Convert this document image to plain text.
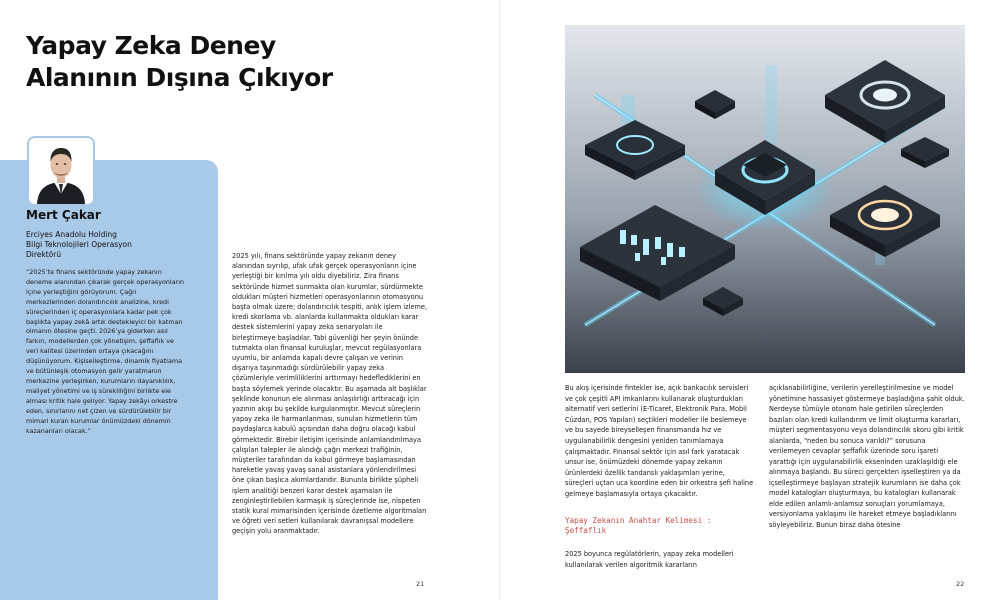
Yapay Zeka Deney
Alanının Dışına Çıkıyor

Mert Çakar

Erciyes Anadolu Holding
Bilgi Teknolojileri Operasyon
Direktörü

“2025’te finans sektöründe yapay zekanın deneme alanından çıkarak gerçek operasyonların içine yerleştiğini görüyorum. Çağrı merkezlerinden dolandırıcılık analizine, kredi süreçlerinden iç operasyonlara kadar pek çok başlıkta yapay zekâ artık destekleyici bir katman olmanın ötesine geçti. 2026’ya giderken asıl farkın, modellerden çok yönetişim, şeffaflık ve veri kalitesi üzerinden ortaya çıkacağını düşünüyorum. Kişiselleştirme, dinamik fiyatlama ve bütünleşik otomasyon gelir yaratmanın merkezine yerleşirken, kurumların dayanıklılık, maliyet yönetimi ve iş sürekliliğini birlikte ele alması kritik hale geliyor. Yapay zekâyı orkestre eden, sınırlarını net çizen ve sürdürülebilir bir mimari kuran kurumlar önümüzdeki dönemin kazananları olacak.”

2025 yılı, finans sektöründe yapay zekanın deney alanından sıyrılıp, ufak ufak gerçek operasyonların içine yerleştiği bir kırılma yılı oldu diyebiliriz. Zira finans sektöründe hizmet sunmakta olan kurumlar, sürdürmekte oldukları müşteri hizmetleri operasyonlarının otomasyonu başta olmak üzere; dolandırıcılık tespiti, anlık işlem izleme, kredi skorlama vb. alanlarda kullanmakta oldukları karar destek sistemlerini yapay zeka senaryoları ile birleştirmeye başladılar. Tabi güvenliği her şeyin önünde tutmakta olan finansal kuruluşlar, mevcut regülasyonlara uyumlu, bir anlamda kapalı devre çalışan ve verinin dışarıya taşınmadığı sürdürülebilir yapay zeka çözümleriyle verimliliklerini arttırmayı hedeflediklerini en başta söylemek yerinde olacaktır. Bu aşamada alt başlıklar şeklinde konunun ele alınması anlaşılırlığı arttıracağı için yazının akışı bu şekilde kurgulanmıştır. Mevcut süreçlerin yapay zeka ile harmanlanması, sunulan hizmetlerin tüm paydaşlarca kabulü açısından daha doğru olacağı kabul görmektedir. Birebir iletişim içerisinde anlamlandırılmaya çalışılan talepler ile alındığı çağrı merkezi trafiğinin, müşteriler tarafından da kabul görmeye başlamasından hareketle yavaş yavaş sanal asistanlara yönlendirilmesi öne çıkan başlıca akımlardandır. Bununla birlikte şüpheli işlem analitiği benzeri karar destek aşamaları ile zenginleştirilebilen karmaşık iş süreçlerinde ise, nispeten statik kural mimarisinden içerisinde özetleme algoritmaları ve öğreti veri setleri kullanılarak davranışsal modellere geçişin yolu aranmaktadır.

21

Bu akış içerisinde fintekler ise, açık bankacılık servisleri ve çok çeşitli API imkanlarını kullanarak oluşturdukları alternatif veri setlerini (E-Ticaret, Elektronik Para, Mobil Cüzdan, POS Yapıları) seçtikleri modeller ile beslemeye ve bu sayede bireyselleşen finansmanda hız ve uygulanabilirlik dengesini yeniden tanımlamaya çalışmaktadır. Finansal sektör için asıl fark yaratacak unsur ise, önümüzdeki dönemde yapay zekanın ürünlerdeki özellik tandanslı yaklaşımları yerine, süreçleri uçtan uca koordine eden bir orkestra şefi haline gelmeye başlamasıyla ortaya çıkacaktır.

Yapay Zekanın Anahtar Kelimesi : Şeffaflık

2025 boyunca regülatörlerin, yapay zeka modelleri kullanılarak verilen algoritmik kararların

açıklanabilirliğine, verilerin yerelleştirilmesine ve model yönetimine hassasiyet göstermeye başladığına şahit olduk. Nerdeyse tümüyle otonom hale getirilen süreçlerden bazıları olan kredi kullandırım ve limit oluşturma kararları, müşteri segmentasyonu veya dolandırıcılık skoru gibi kritik alanlarda, “neden bu sonuca varıldı?” sorusuna verilemeyen cevaplar şeffaflık üzerinde soru işareti yarattığı için uygulanabilirlik ekseninden uzaklaşıldığı ele alınmaya başlandı. Bu süreci gerçekten işselleştiren ya da içselleştirmeye başlayan stratejik kurumların ise daha çok model katalogları oluşturmaya, bu katalogları kullanarak elde edilen anlamlı-anlamsız sonuçları yorumlamaya, versiyonlama yaklaşımı ile hareket etmeye başladıklarını söyleyebiliriz. Bunun biraz daha ötesine

22
